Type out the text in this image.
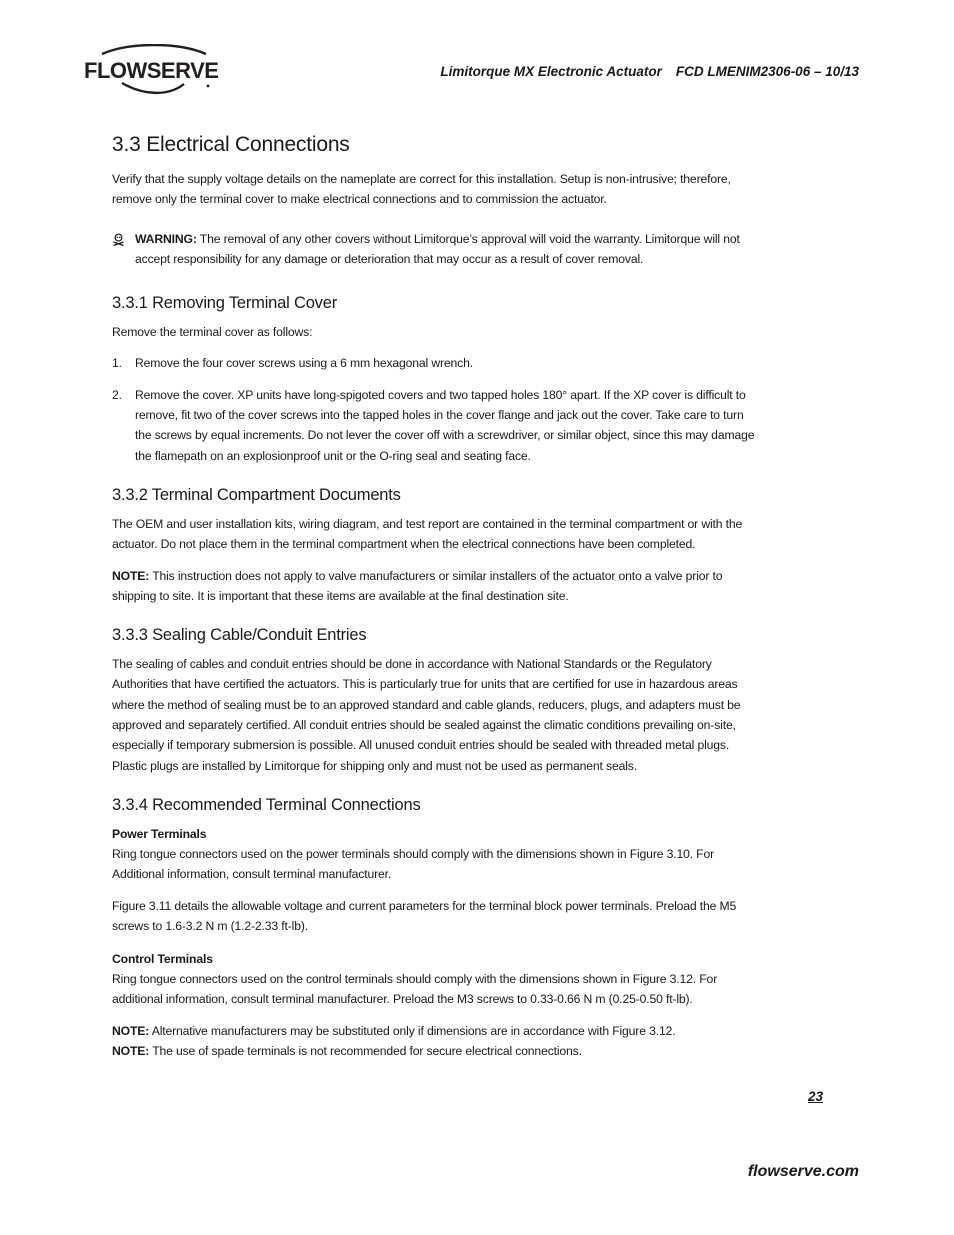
FLOWSERVE	Limitorque MX Electronic Actuator FCD LMENIM2306-06 – 10/13
3.3 Electrical Connections

Verify that the supply voltage details on the nameplate are correct for this installation. Setup is non-intrusive; therefore, remove only the terminal cover to make electrical connections and to commission the actuator.

WARNING: The removal of any other covers without Limitorque’s approval will void the warranty. Limitorque will not accept responsibility for any damage or deterioration that may occur as a result of cover removal.

3.3.1 Removing Terminal Cover

Remove the terminal cover as follows:

1. Remove the four cover screws using a 6 mm hexagonal wrench.
2. Remove the cover. XP units have long-spigoted covers and two tapped holes 180° apart. If the XP cover is difficult to remove, fit two of the cover screws into the tapped holes in the cover flange and jack out the cover. Take care to turn the screws by equal increments. Do not lever the cover off with a screwdriver, or similar object, since this may damage the flamepath on an explosionproof unit or the O-ring seal and seating face.
3.3.2 Terminal Compartment Documents

The OEM and user installation kits, wiring diagram, and test report are contained in the terminal compartment or with the actuator. Do not place them in the terminal compartment when the electrical connections have been completed.

NOTE: This instruction does not apply to valve manufacturers or similar installers of the actuator onto a valve prior to shipping to site. It is important that these items are available at the final destination site.

3.3.3 Sealing Cable/Conduit Entries

The sealing of cables and conduit entries should be done in accordance with National Standards or the Regulatory Authorities that have certified the actuators. This is particularly true for units that are certified for use in hazardous areas where the method of sealing must be to an approved standard and cable glands, reducers, plugs, and adapters must be approved and separately certified. All conduit entries should be sealed against the climatic conditions prevailing on-site, especially if temporary submersion is possible. All unused conduit entries should be sealed with threaded metal plugs. Plastic plugs are installed by Limitorque for shipping only and must not be used as permanent seals.

3.3.4 Recommended Terminal Connections

Power Terminals

Ring tongue connectors used on the power terminals should comply with the dimensions shown in Figure 3.10. For Additional information, consult terminal manufacturer.

Figure 3.11 details the allowable voltage and current parameters for the terminal block power terminals. Preload the M5 screws to 1.6-3.2 N m (1.2-2.33 ft-lb).

Control Terminals

Ring tongue connectors used on the control terminals should comply with the dimensions shown in Figure 3.12. For additional information, consult terminal manufacturer. Preload the M3 screws to 0.33-0.66 N m (0.25-0.50 ft-lb).

NOTE: Alternative manufacturers may be substituted only if dimensions are in accordance with Figure 3.12.

NOTE: The use of spade terminals is not recommended for secure electrical connections.

23
flowserve.com
